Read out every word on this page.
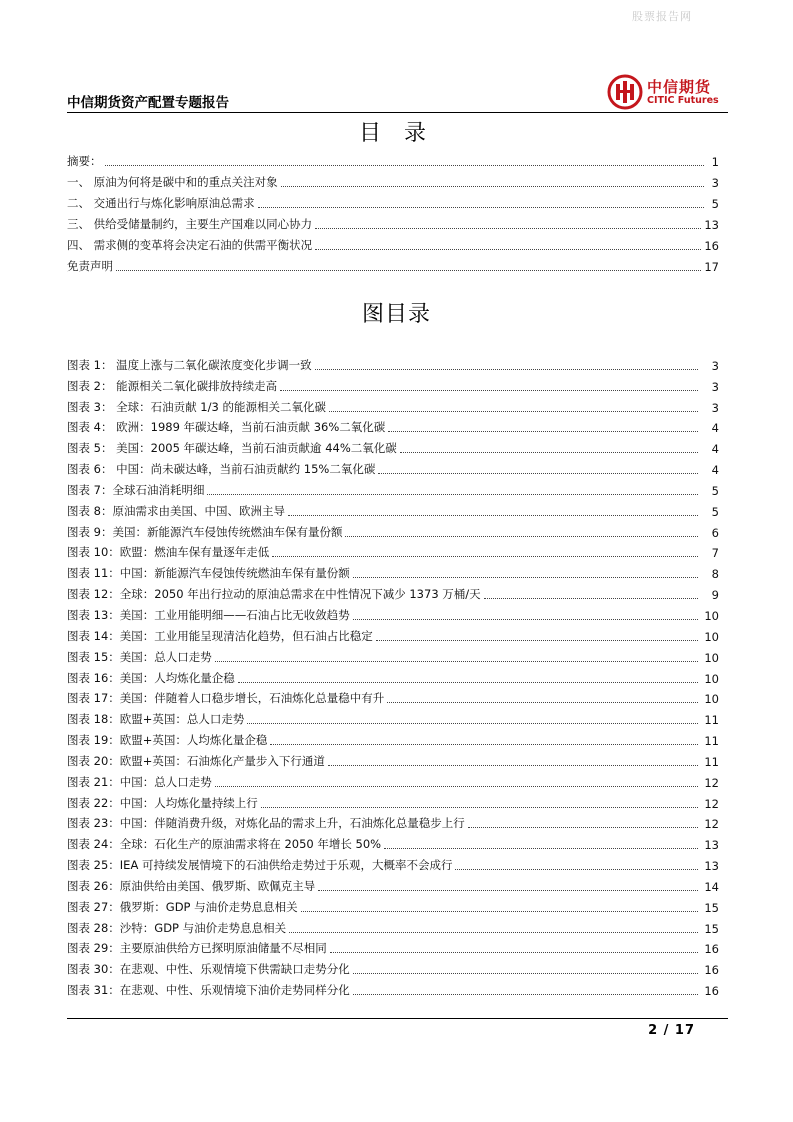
股票报告网
中信期货资产配置专题报告
中信期货
CITIC Futures
目 录
摘要：	1
一、 原油为何将是碳中和的重点关注对象	3
二、 交通出行与炼化影响原油总需求	5
三、 供给受储量制约，主要生产国难以同心协力	13
四、 需求侧的变革将会决定石油的供需平衡状况	16
免责声明	17
图目录
图表 1： 温度上涨与二氧化碳浓度变化步调一致	3
图表 2： 能源相关二氧化碳排放持续走高	3
图表 3： 全球：石油贡献 1/3 的能源相关二氧化碳	3
图表 4： 欧洲：1989 年碳达峰，当前石油贡献 36%二氧化碳	4
图表 5： 美国：2005 年碳达峰，当前石油贡献逾 44%二氧化碳	4
图表 6： 中国：尚未碳达峰，当前石油贡献约 15%二氧化碳	4
图表 7：全球石油消耗明细	5
图表 8：原油需求由美国、中国、欧洲主导	5
图表 9：美国：新能源汽车侵蚀传统燃油车保有量份额	6
图表 10：欧盟：燃油车保有量逐年走低	7
图表 11：中国：新能源汽车侵蚀传统燃油车保有量份额	8
图表 12：全球：2050 年出行拉动的原油总需求在中性情况下减少 1373 万桶/天	9
图表 13：美国：工业用能明细——石油占比无收敛趋势	10
图表 14：美国：工业用能呈现清洁化趋势，但石油占比稳定	10
图表 15：美国：总人口走势	10
图表 16：美国：人均炼化量企稳	10
图表 17：美国：伴随着人口稳步增长，石油炼化总量稳中有升	10
图表 18：欧盟+英国：总人口走势	11
图表 19：欧盟+英国：人均炼化量企稳	11
图表 20：欧盟+英国：石油炼化产量步入下行通道	11
图表 21：中国：总人口走势	12
图表 22：中国：人均炼化量持续上行	12
图表 23：中国：伴随消费升级，对炼化品的需求上升，石油炼化总量稳步上行	12
图表 24：全球：石化生产的原油需求将在 2050 年增长 50%	13
图表 25：IEA 可持续发展情境下的石油供给走势过于乐观，大概率不会成行	13
图表 26：原油供给由美国、俄罗斯、欧佩克主导	14
图表 27：俄罗斯：GDP 与油价走势息息相关	15
图表 28：沙特：GDP 与油价走势息息相关	15
图表 29：主要原油供给方已探明原油储量不尽相同	16
图表 30：在悲观、中性、乐观情境下供需缺口走势分化	16
图表 31：在悲观、中性、乐观情境下油价走势同样分化	16
2 / 17
